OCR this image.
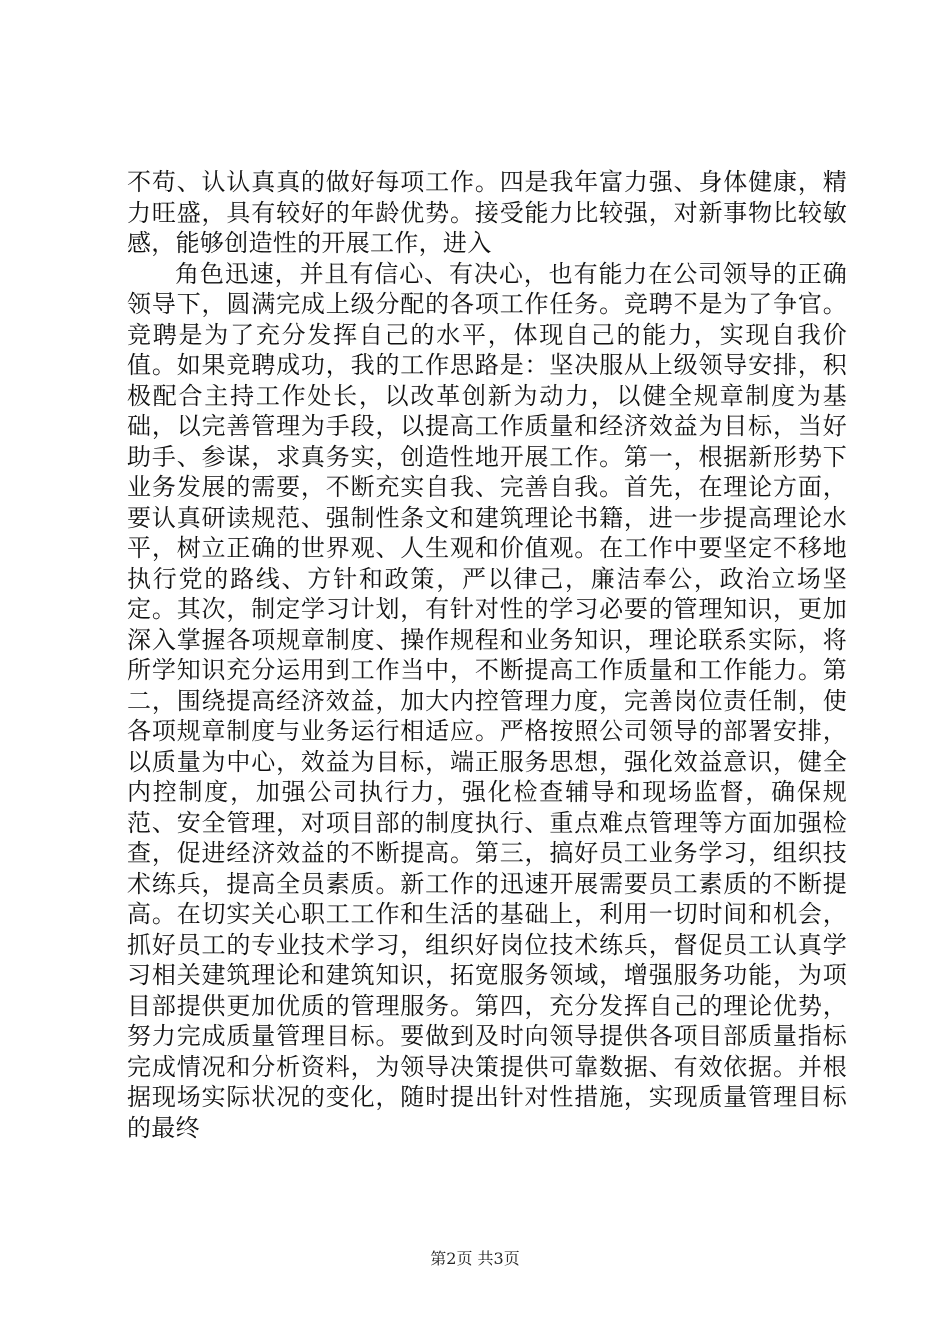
不苟、认认真真的做好每项工作。四是我年富力强、身体健康，精力旺盛，具有较好的年龄优势。接受能力比较强，对新事物比较敏感，能够创造性的开展工作，进入

角色迅速，并且有信心、有决心，也有能力在公司领导的正确领导下，圆满完成上级分配的各项工作任务。竞聘不是为了争官。竞聘是为了充分发挥自己的水平，体现自己的能力，实现自我价值。如果竞聘成功，我的工作思路是：坚决服从上级领导安排，积极配合主持工作处长，以改革创新为动力，以健全规章制度为基础，以完善管理为手段，以提高工作质量和经济效益为目标，当好助手、参谋，求真务实，创造性地开展工作。第一，根据新形势下业务发展的需要，不断充实自我、完善自我。首先，在理论方面，要认真研读规范、强制性条文和建筑理论书籍，进一步提高理论水平，树立正确的世界观、人生观和价值观。在工作中要坚定不移地执行党的路线、方针和政策，严以律己，廉洁奉公，政治立场坚定。其次，制定学习计划，有针对性的学习必要的管理知识，更加深入掌握各项规章制度、操作规程和业务知识，理论联系实际，将所学知识充分运用到工作当中，不断提高工作质量和工作能力。第二，围绕提高经济效益，加大内控管理力度，完善岗位责任制，使各项规章制度与业务运行相适应。严格按照公司领导的部署安排，以质量为中心，效益为目标，端正服务思想，强化效益意识，健全内控制度，加强公司执行力，强化检查辅导和现场监督，确保规范、安全管理，对项目部的制度执行、重点难点管理等方面加强检查，促进经济效益的不断提高。第三，搞好员工业务学习，组织技术练兵，提高全员素质。新工作的迅速开展需要员工素质的不断提高。在切实关心职工工作和生活的基础上，利用一切时间和机会，抓好员工的专业技术学习，组织好岗位技术练兵，督促员工认真学习相关建筑理论和建筑知识，拓宽服务领域，增强服务功能，为项目部提供更加优质的管理服务。第四，充分发挥自己的理论优势，努力完成质量管理目标。要做到及时向领导提供各项目部质量指标完成情况和分析资料，为领导决策提供可靠数据、有效依据。并根据现场实际状况的变化，随时提出针对性措施，实现质量管理目标的最终

第2页 共3页
